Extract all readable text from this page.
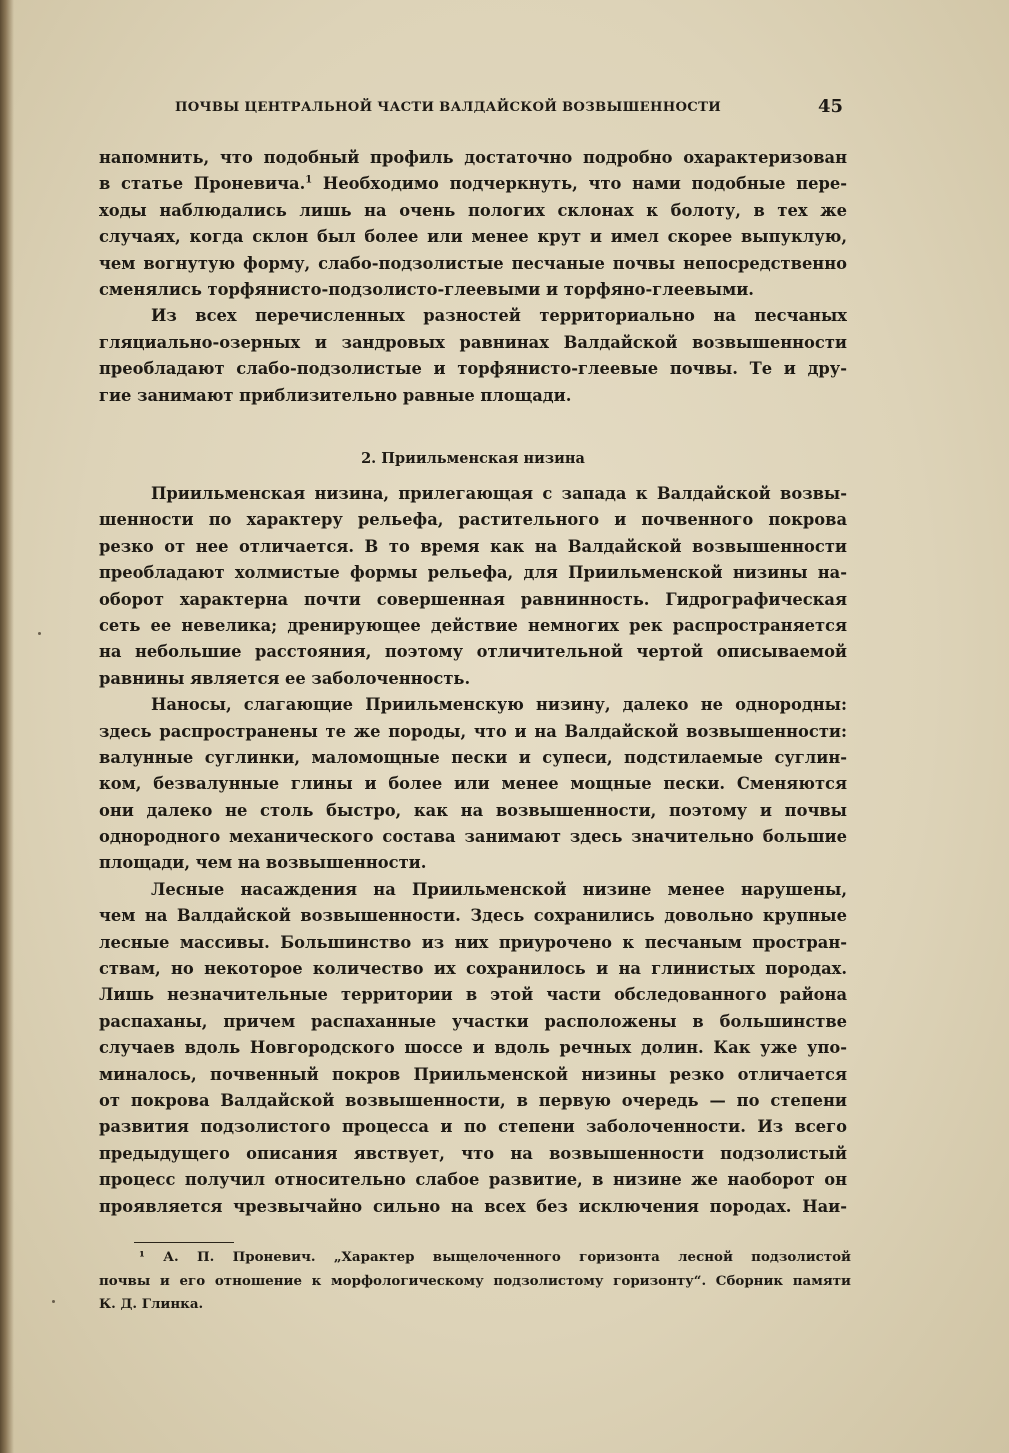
ПОЧВЫ ЦЕНТРАЛЬНОЙ ЧАСТИ ВАЛДАЙСКОЙ ВОЗВЫШЕННОСТИ	45
напомнить, что подобный профиль достаточно подробно охарактеризован
в статье Проневича.$^1$ Необходимо подчеркнуть, что нами подобные пере-
ходы наблюдались лишь на очень пологих склонах к болоту, в тех же
случаях, когда склон был более или менее крут и имел скорее выпуклую,
чем вогнутую форму, слабо-подзолистые песчаные почвы непосредственно
сменялись торфянисто-подзолисто-глеевыми и торфяно-глеевыми.
Из всех перечисленных разностей территориально на песчаных
гляциально-озерных и зандровых равнинах Валдайской возвышенности
преобладают слабо-подзолистые и торфянисто-глеевые почвы. Те и дру-
гие занимают приблизительно равные площади.
2. Приильменская низина
Приильменская низина, прилегающая с запада к Валдайской возвы-
шенности по характеру рельефа, растительного и почвенного покрова
резко от нее отличается. В то время как на Валдайской возвышенности
преобладают холмистые формы рельефа, для Приильменской низины на-
оборот характерна почти совершенная равнинность. Гидрографическая
сеть ее невелика; дренирующее действие немногих рек распространяется
на небольшие расстояния, поэтому отличительной чертой описываемой
равнины является ее заболоченность.
Наносы, слагающие Приильменскую низину, далеко не однородны:
здесь распространены те же породы, что и на Валдайской возвышенности:
валунные суглинки, маломощные пески и супеси, подстилаемые суглин-
ком, безвалунные глины и более или менее мощные пески. Сменяются
они далеко не столь быстро, как на возвышенности, поэтому и почвы
однородного механического состава занимают здесь значительно большие
площади, чем на возвышенности.
Лесные насаждения на Приильменской низине менее нарушены,
чем на Валдайской возвышенности. Здесь сохранились довольно крупные
лесные массивы. Большинство из них приурочено к песчаным простран-
ствам, но некоторое количество их сохранилось и на глинистых породах.
Лишь незначительные территории в этой части обследованного района
распаханы, причем распаханные участки расположены в большинстве
случаев вдоль Новгородского шоссе и вдоль речных долин. Как уже упо-
миналось, почвенный покров Приильменской низины резко отличается
от покрова Валдайской возвышенности, в первую очередь — по степени
развития подзолистого процесса и по степени заболоченности. Из всего
предыдущего описания явствует, что на возвышенности подзолистый
процесс получил относительно слабое развитие, в низине же наоборот он
проявляется чрезвычайно сильно на всех без исключения породах. Наи-
¹ А. П. Проневич. „Характер выщелоченного горизонта лесной подзолистой
почвы и его отношение к морфологическому подзолистому горизонту“. Сборник памяти
К. Д. Глинка.
